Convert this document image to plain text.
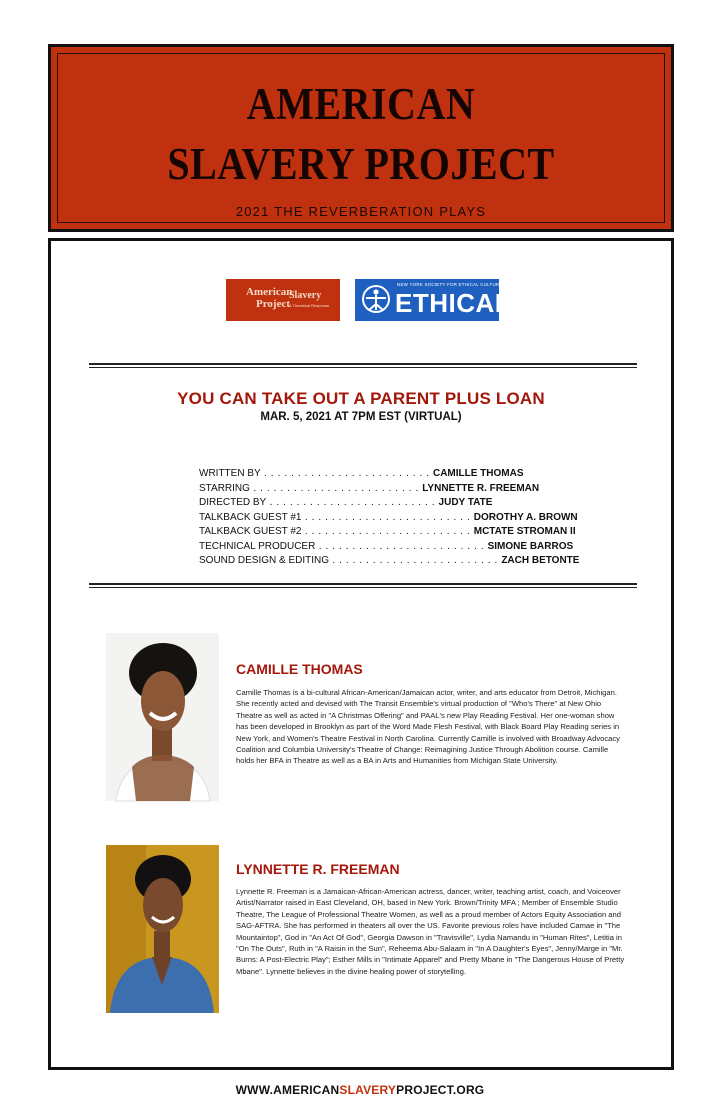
AMERICAN
SLAVERY PROJECT
2021 THE REVERBERATION PLAYS
American
Project
Slavery
A Theatrical Response
NEW YORK SOCIETY FOR ETHICAL CULTURE
ETHICAL
YOU CAN TAKE OUT A PARENT PLUS LOAN
MAR. 5, 2021 AT 7PM EST (VIRTUAL)
WRITTEN BY . . . . . . . . . . . . . . . . . . . . . . . . . CAMILLE THOMAS
STARRING . . . . . . . . . . . . . . . . . . . . . . . . . LYNNETTE R. FREEMAN
DIRECTED BY . . . . . . . . . . . . . . . . . . . . . . . . . JUDY TATE
TALKBACK GUEST #1 . . . . . . . . . . . . . . . . . . . . . . . . . DOROTHY A. BROWN
TALKBACK GUEST #2 . . . . . . . . . . . . . . . . . . . . . . . . . MCTATE STROMAN II
TECHNICAL PRODUCER . . . . . . . . . . . . . . . . . . . . . . . . . SIMONE BARROS
SOUND DESIGN & EDITING . . . . . . . . . . . . . . . . . . . . . . . . . ZACH BETONTE
CAMILLE THOMAS
Camille Thomas is a bi-cultural African-American/Jamaican actor, writer, and arts educator from Detroit, Michigan. She recently acted and devised with The Transit Ensemble's virtual production of "Who's There" at New Ohio Theatre as well as acted in "A Christmas Offering" and PAAL's new Play Reading Festival. Her one-woman show has been developed in Brooklyn as part of the Word Made Flesh Festival, with Black Board Play Reading series in New York, and Women's Theatre Festival in North Carolina. Currently Camille is involved with Broadway Advocacy Coalition and Columbia University's Theatre of Change: Reimagining Justice Through Abolition course. Camille holds her BFA in Theatre as well as a BA in Arts and Humanities from Michigan State University.
LYNNETTE R. FREEMAN
Lynnette R. Freeman is a Jamaican-African-American actress, dancer, writer, teaching artist, coach, and Voiceover Artist/Narrator raised in East Cleveland, OH, based in New York. Brown/Trinity MFA ; Member of Ensemble Studio Theatre, The League of Professional Theatre Women, as well as a proud member of Actors Equity Association and SAG-AFTRA. She has performed in theaters all over the US. Favorite previous roles have included Camae in "The Mountaintop", God in "An Act Of God", Georgia Dawson in "Travisville", Lydia Namandu in "Human Rites", Letitia in "On The Outs", Ruth in "A Raisin in the Sun", Reheema Abu-Salaam in "In A Daughter's Eyes", Jenny/Marge in "Mr. Burns: A Post-Electric Play"; Esther Mills in "Intimate Apparel" and Pretty Mbane in "The Dangerous House of Pretty Mbane". Lynnette believes in the divine healing power of storytelling.
WWW.AMERICANSLAVERYPROJECT.ORG
